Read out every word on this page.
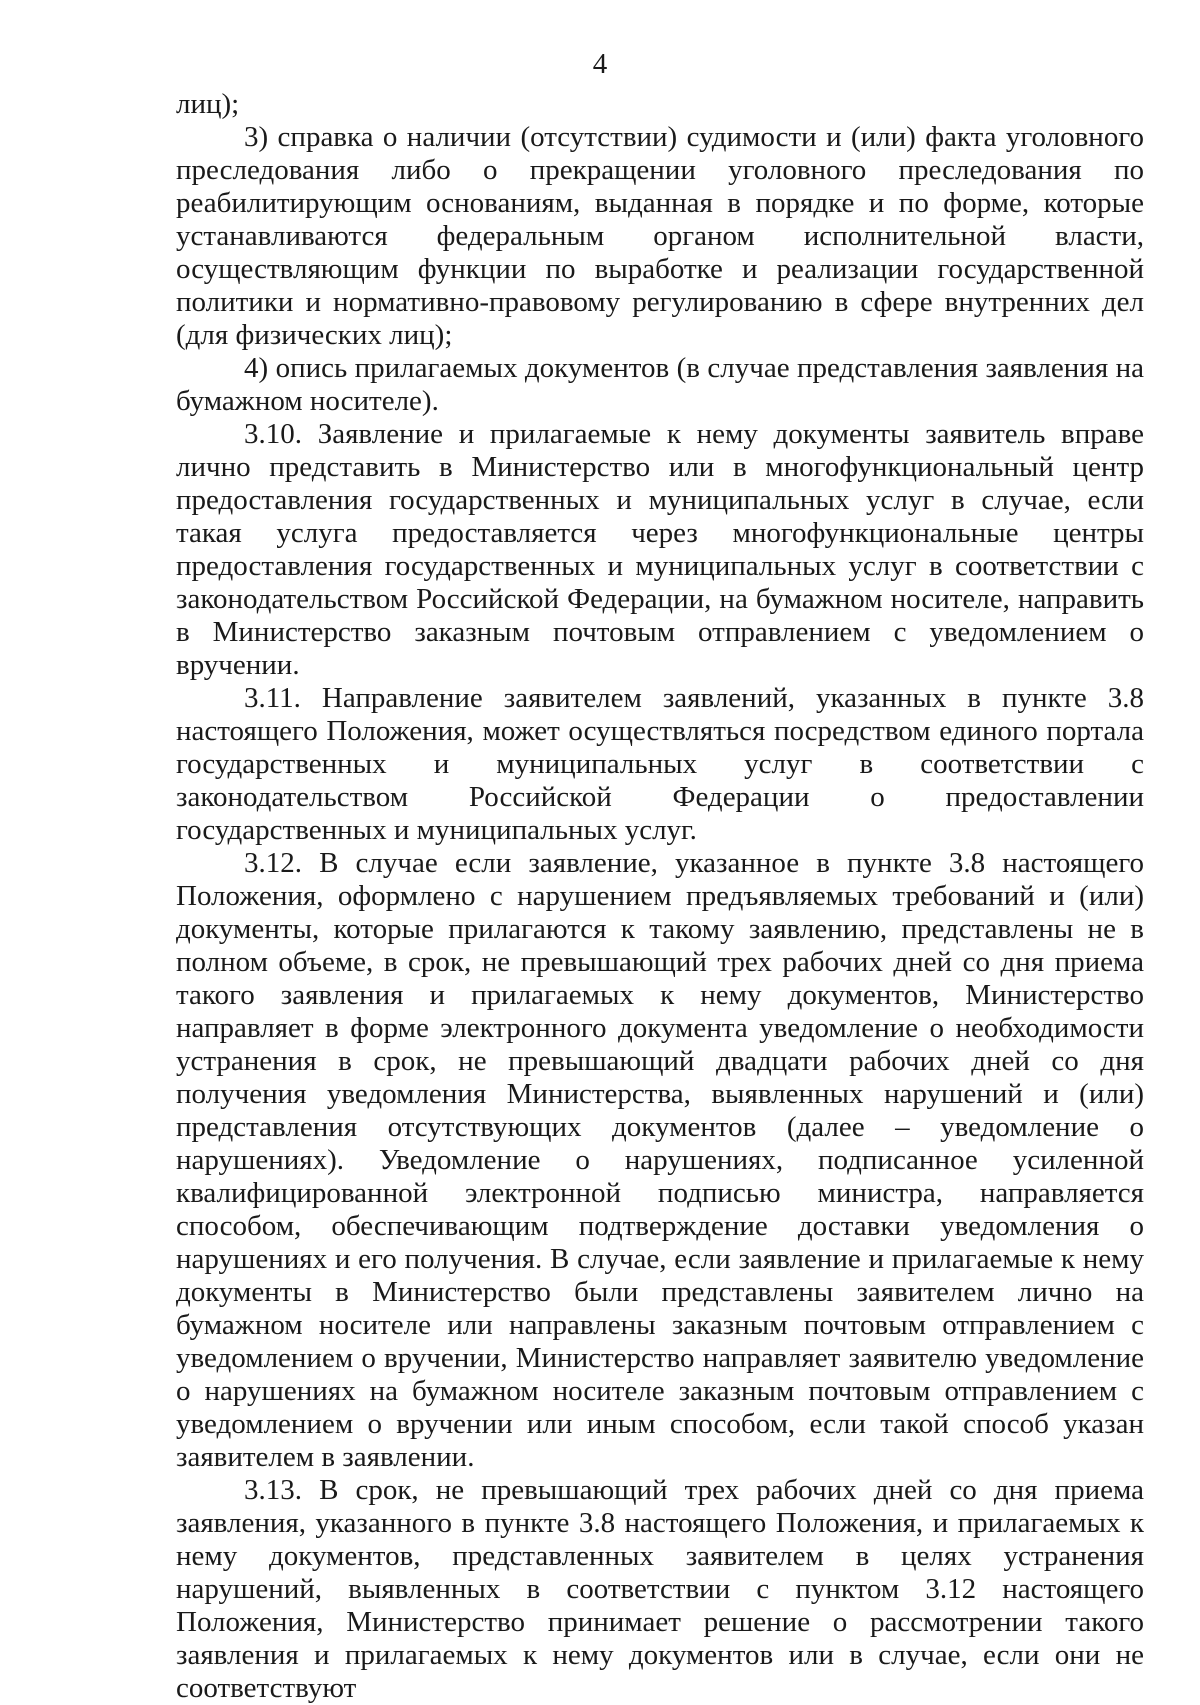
4

лиц);

3) справка о наличии (отсутствии) судимости и (или) факта уголовного преследования либо о прекращении уголовного преследования по реабилитирующим основаниям, выданная в порядке и по форме, которые устанавливаются федеральным органом исполнительной власти, осуществляющим функции по выработке и реализации государственной политики и нормативно-правовому регулированию в сфере внутренних дел (для физических лиц);

4) опись прилагаемых документов (в случае представления заявления на бумажном носителе).

3.10. Заявление и прилагаемые к нему документы заявитель вправе лично представить в Министерство или в многофункциональный центр предоставления государственных и муниципальных услуг в случае, если такая услуга предоставляется через многофункциональные центры предоставления государственных и муниципальных услуг в соответствии с законодательством Российской Федерации, на бумажном носителе, направить в Министерство заказным почтовым отправлением с уведомлением о вручении.

3.11. Направление заявителем заявлений, указанных в пункте 3.8 настоящего Положения, может осуществляться посредством единого портала государственных и муниципальных услуг в соответствии с законодательством Российской Федерации о предоставлении государственных и муниципальных услуг.

3.12. В случае если заявление, указанное в пункте 3.8 настоящего Положения, оформлено с нарушением предъявляемых требований и (или) документы, которые прилагаются к такому заявлению, представлены не в полном объеме, в срок, не превышающий трех рабочих дней со дня приема такого заявления и прилагаемых к нему документов, Министерство направляет в форме электронного документа уведомление о необходимости устранения в срок, не превышающий двадцати рабочих дней со дня получения уведомления Министерства, выявленных нарушений и (или) представления отсутствующих документов (далее – уведомление о нарушениях). Уведомление о нарушениях, подписанное усиленной квалифицированной электронной подписью министра, направляется способом, обеспечивающим подтверждение доставки уведомления о нарушениях и его получения. В случае, если заявление и прилагаемые к нему документы в Министерство были представлены заявителем лично на бумажном носителе или направлены заказным почтовым отправлением с уведомлением о вручении, Министерство направляет заявителю уведомление о нарушениях на бумажном носителе заказным почтовым отправлением с уведомлением о вручении или иным способом, если такой способ указан заявителем в заявлении.

3.13. В срок, не превышающий трех рабочих дней со дня приема заявления, указанного в пункте 3.8 настоящего Положения, и прилагаемых к нему документов, представленных заявителем в целях устранения нарушений, выявленных в соответствии с пунктом 3.12 настоящего Положения, Министерство принимает решение о рассмотрении такого заявления и прилагаемых к нему документов или в случае, если они не соответствуют
